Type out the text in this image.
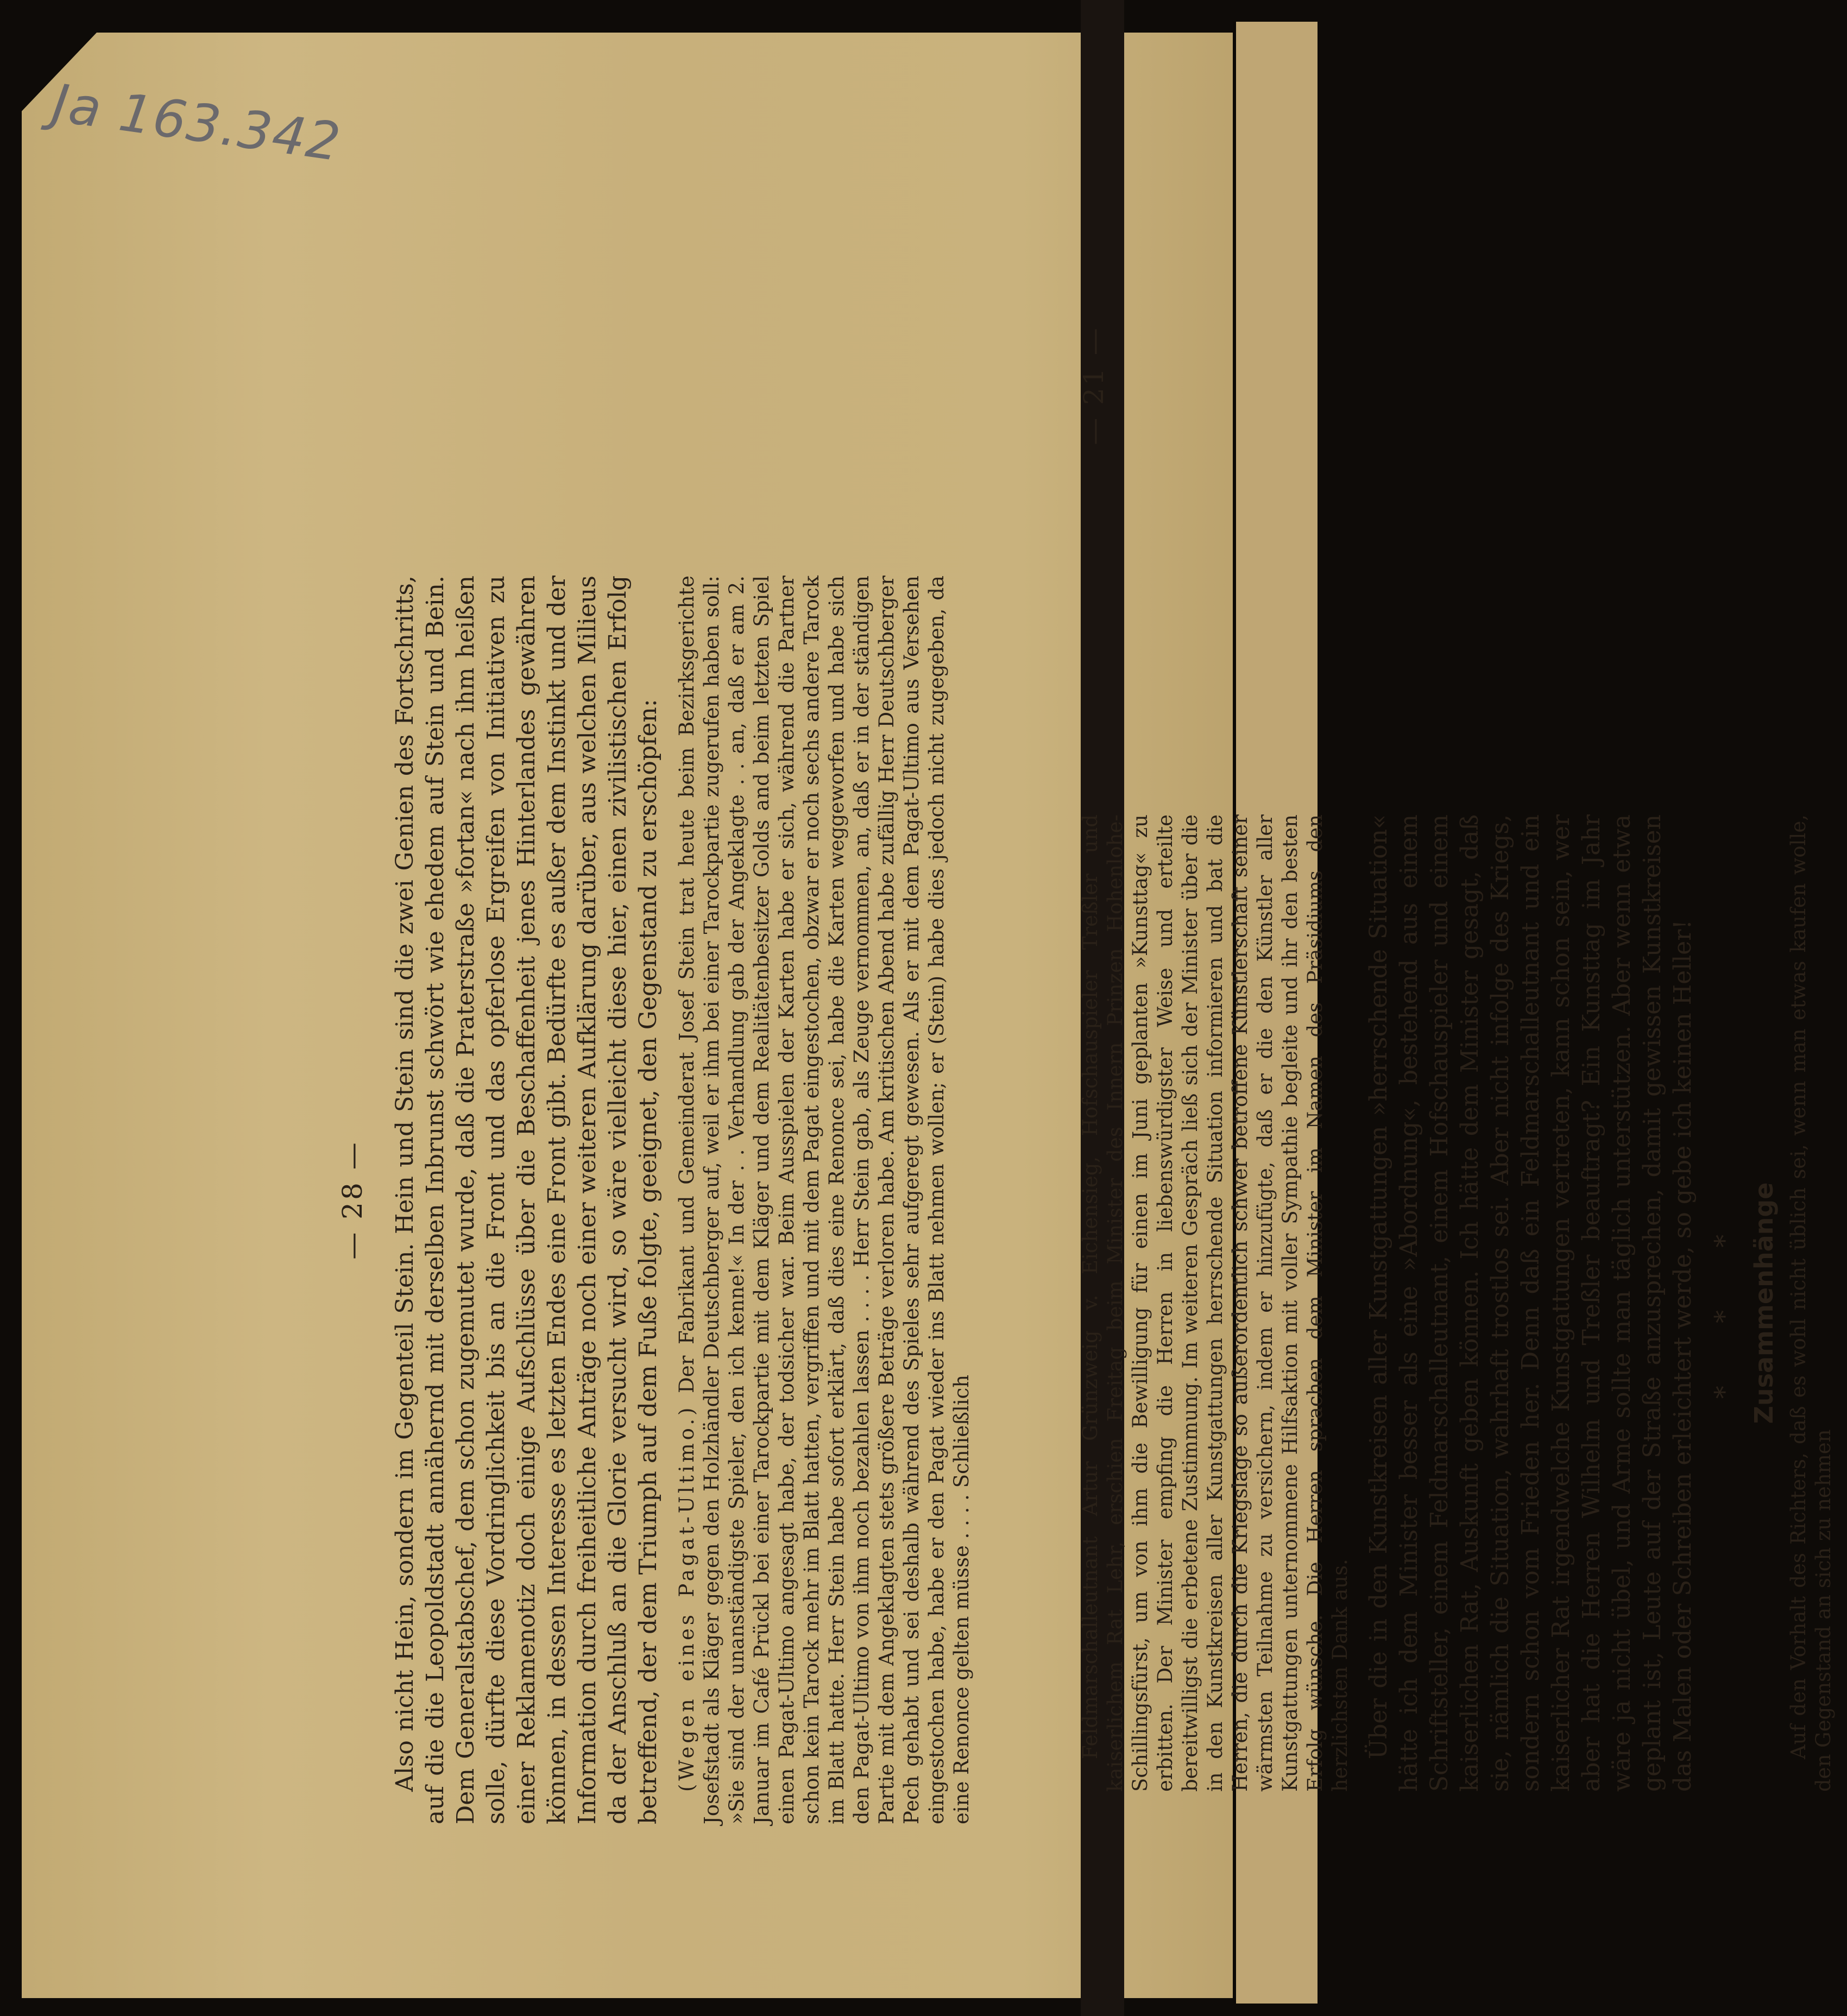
Ja 163.342
— 28 — Also nicht Hein, sondern im Gegenteil Stein. Hein und Stein sind die zwei Genien des Fortschritts, auf die die Leopoldstadt annähernd mit derselben Inbrunst schwört wie ehedem auf Stein und Bein. Dem Generalstabschef, dem schon zugemutet wurde, daß die Praterstraße »fortan« nach ihm heißen solle, dürfte diese Vordringlichkeit bis an die Front und das opferlose Ergreifen von Initiativen zu einer Reklamenotiz doch einige Aufschlüsse über die Beschaffenheit jenes Hinterlandes gewähren können, in dessen Interesse es letzten Endes eine Front gibt. Bedürfte es außer dem Instinkt und der Information durch freiheitliche Anträge noch einer weiteren Aufklärung darüber, aus welchen Milieus da der Anschluß an die Glorie versucht wird, so wäre vielleicht diese hier, einen zivilistischen Erfolg betreffend, der dem Triumph auf dem Fuße folgte, geeignet, den Gegenstand zu erschöpfen: (Wegen eines Pagat-Ultimo.) Der Fabrikant und Gemeinderat Josef Stein trat heute beim Bezirksgerichte Josefstadt als Kläger gegen den Holzhändler Deutschberger auf, weil er ihm bei einer Tarockpartie zugerufen haben soll: »Sie sind der unanständigste Spieler, den ich kenne!« In der . . Verhandlung gab der Angeklagte . . an, daß er am 2. Januar im Café Prückl bei einer Tarockpartie mit dem Kläger und dem Realitätenbesitzer Golds and beim letzten Spiel einen Pagat-Ultimo angesagt habe, der todsicher war. Beim Ausspielen der Karten habe er sich, während die Partner schon kein Tarock mehr im Blatt hatten, vergriffen und mit dem Pagat eingestochen, obzwar er noch sechs andere Tarock im Blatt hatte. Herr Stein habe sofort erklärt, daß dies eine Renonce sei, habe die Karten weggeworfen und habe sich den Pagat-Ultimo von ihm noch bezahlen lassen . . . . Herr Stein gab, als Zeuge vernommen, an, daß er in der ständigen Partie mit dem Angeklagten stets größere Beträge verloren habe. Am kritischen Abend habe zufällig Herr Deutschberger Pech gehabt und sei deshalb während des Spieles sehr aufgeregt gewesen. Als er mit dem Pagat-Ultimo aus Versehen eingestochen habe, habe er den Pagat wieder ins Blatt nehmen wollen; er (Stein) habe dies jedoch nicht zugegeben, da eine Renonce gelten müsse . . . . Schließlich

— 21 —

Feldmarschalleutnant Artur Grünzweig v. Eichensieg, Hofschauspieler Treßler und kaiserlichem Rat Lehr, erschien Freitag beim Minister des Innern Prinzen Hohenlohe-Schillingsfürst, um von ihm die Bewilligung für einen im Juni geplanten »Kunsttag« zu erbitten. Der Minister empfing die Herren in liebenswürdigster Weise und erteilte bereitwilligst die erbetene Zustimmung. Im weiteren Gespräch ließ sich der Minister über die in den Kunstkreisen aller Kunstgattungen herrschende Situation informieren und bat die Herren, die durch die Kriegslage so außerordentlich schwer betroffene Künstlerschaft seiner wärmsten Teilnahme zu versichern, indem er hinzufügte, daß er die den Künstler aller Kunstgattungen unternommene Hilfsaktion mit voller Sympathie begleite und ihr den besten Erfolg wünsche. Die Herren sprachen dem Minister im Namen des Präsidiums den herzlichsten Dank aus. Über die in den Kunstkreisen aller Kunstgattungen »herrschende Situation« hätte ich dem Minister besser als eine »Abordnung«, bestehend aus einem Schriftsteller, einem Feldmarschalleutnant, einem Hofschauspieler und einem kaiserlichen Rat, Auskunft geben können. Ich hätte dem Minister gesagt, daß sie, nämlich die Situation, wahrhaft trostlos sei. Aber nicht infolge des Kriegs, sondern schon vom Frieden her. Denn daß ein Feldmarschalleutnant und ein kaiserlicher Rat irgendwelche Kunstgattungen vertreten, kann schon sein, wer aber hat die Herren Wilhelm und Treßler beauftragt? Ein Kunsttag im Jahr wäre ja nicht übel, und Arme sollte man täglich unterstützen. Aber wenn etwa geplant ist, Leute auf der Straße anzusprechen, damit gewissen Kunstkreisen das Malen oder Schreiben erleichtert werde, so gebe ich keinen Heller! * * * Zusammenhänge Auf den Vorhalt des Richters, daß es wohl nicht üblich sei, wenn man etwas kaufen wolle, den Gegenstand an sich zu nehmen
